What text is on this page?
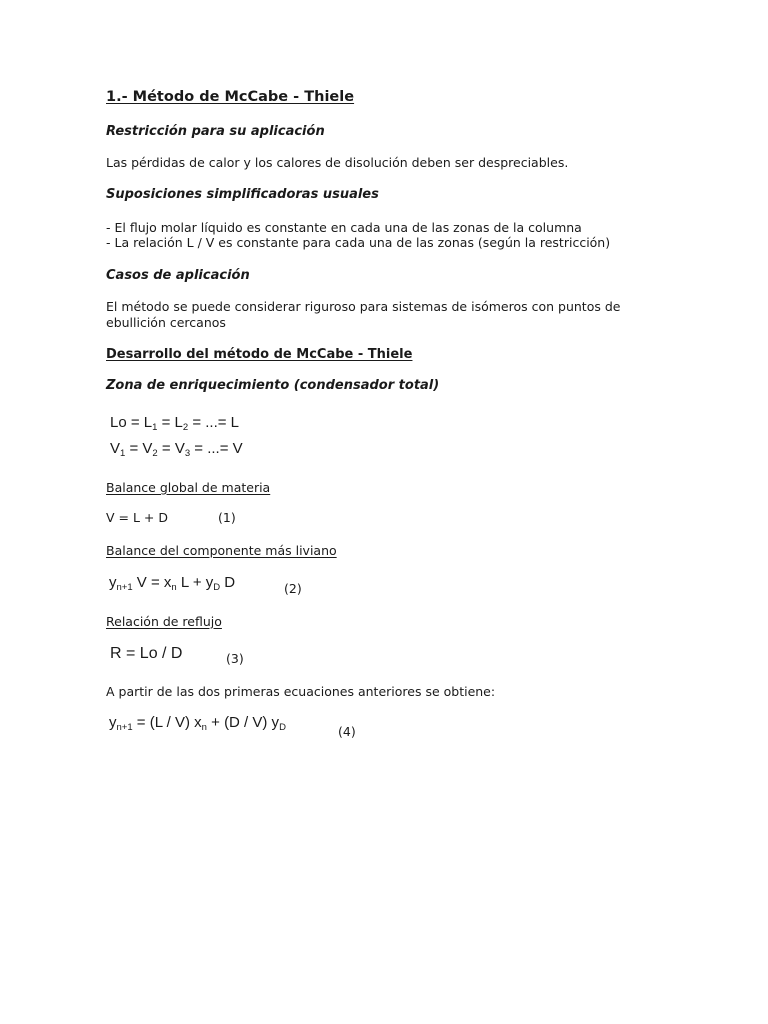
1.- Método de McCabe - Thiele
Restricción para su aplicación
Las pérdidas de calor y los calores de disolución deben ser despreciables.
Suposiciones simplificadoras usuales
- El flujo molar líquido es constante en cada una de las zonas de la columna
- La relación L / V es constante para cada una de las zonas (según la restricción)
Casos de aplicación
El método se puede considerar riguroso para sistemas de isómeros con puntos de
ebullición cercanos
Desarrollo del método de McCabe - Thiele
Zona de enriquecimiento (condensador total)
$Lo = L_1 = L_2$ = ...= L
$V_1 = V_2 = V_3$ = ...= V
Balance global de materia
V = L + D	(1)
Balance del componente más liviano
$y_{n+1}$ $V = x_n$ $L + y_D$ D	(2)
Relación de reflujo
R = Lo / D	(3)
A partir de las dos primeras ecuaciones anteriores se obtiene:
$y_{n+1} = (L / V) x_n + (D / V)$ $y_D$	(4)
